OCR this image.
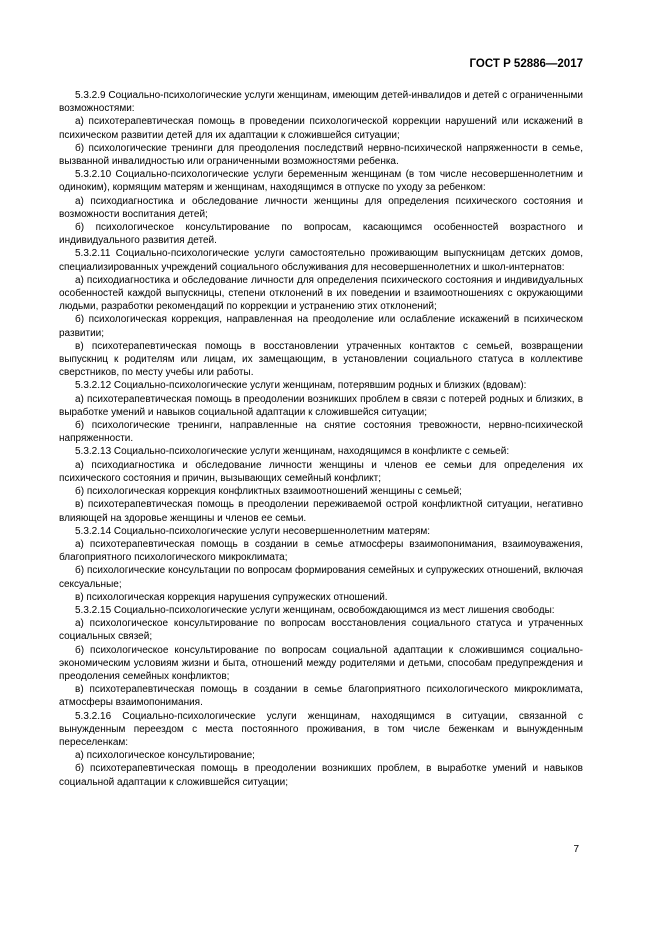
ГОСТ Р 52886—2017

5.3.2.9 Социально-психологические услуги женщинам, имеющим детей-инвалидов и детей с ограниченными возможностями:

а) психотерапевтическая помощь в проведении психологической коррекции нарушений или искажений в психическом развитии детей для их адаптации к сложившейся ситуации;

б) психологические тренинги для преодоления последствий нервно-психической напряженности в семье, вызванной инвалидностью или ограниченными возможностями ребенка.

5.3.2.10 Социально-психологические услуги беременным женщинам (в том числе несовершеннолетним и одиноким), кормящим матерям и женщинам, находящимся в отпуске по уходу за ребенком:

а) психодиагностика и обследование личности женщины для определения психического состояния и возможности воспитания детей;

б) психологическое консультирование по вопросам, касающимся особенностей возрастного и индивидуального развития детей.

5.3.2.11 Социально-психологические услуги самостоятельно проживающим выпускницам детских домов, специализированных учреждений социального обслуживания для несовершеннолетних и школ-интернатов:

а) психодиагностика и обследование личности для определения психического состояния и индивидуальных особенностей каждой выпускницы, степени отклонений в их поведении и взаимоотношениях с окружающими людьми, разработки рекомендаций по коррекции и устранению этих отклонений;

б) психологическая коррекция, направленная на преодоление или ослабление искажений в психическом развитии;

в) психотерапевтическая помощь в восстановлении утраченных контактов с семьей, возвращении выпускниц к родителям или лицам, их замещающим, в установлении социального статуса в коллективе сверстников, по месту учебы или работы.

5.3.2.12 Социально-психологические услуги женщинам, потерявшим родных и близких (вдовам):

а) психотерапевтическая помощь в преодолении возникших проблем в связи с потерей родных и близких, в выработке умений и навыков социальной адаптации к сложившейся ситуации;

б) психологические тренинги, направленные на снятие состояния тревожности, нервно-психической напряженности.

5.3.2.13 Социально-психологические услуги женщинам, находящимся в конфликте с семьей:

а) психодиагностика и обследование личности женщины и членов ее семьи для определения их психического состояния и причин, вызывающих семейный конфликт;

б) психологическая коррекция конфликтных взаимоотношений женщины с семьей;

в) психотерапевтическая помощь в преодолении переживаемой острой конфликтной ситуации, негативно влияющей на здоровье женщины и членов ее семьи.

5.3.2.14 Социально-психологические услуги несовершеннолетним матерям:

а) психотерапевтическая помощь в создании в семье атмосферы взаимопонимания, взаимоуважения, благоприятного психологического микроклимата;

б) психологические консультации по вопросам формирования семейных и супружеских отношений, включая сексуальные;

в) психологическая коррекция нарушения супружеских отношений.

5.3.2.15 Социально-психологические услуги женщинам, освобождающимся из мест лишения свободы:

а) психологическое консультирование по вопросам восстановления социального статуса и утраченных социальных связей;

б) психологическое консультирование по вопросам социальной адаптации к сложившимся социально-экономическим условиям жизни и быта, отношений между родителями и детьми, способам предупреждения и преодоления семейных конфликтов;

в) психотерапевтическая помощь в создании в семье благоприятного психологического микроклимата, атмосферы взаимопонимания.

5.3.2.16 Социально-психологические услуги женщинам, находящимся в ситуации, связанной с вынужденным переездом с места постоянного проживания, в том числе беженкам и вынужденным переселенкам:

а) психологическое консультирование;

б) психотерапевтическая помощь в преодолении возникших проблем, в выработке умений и навыков социальной адаптации к сложившейся ситуации;

7
